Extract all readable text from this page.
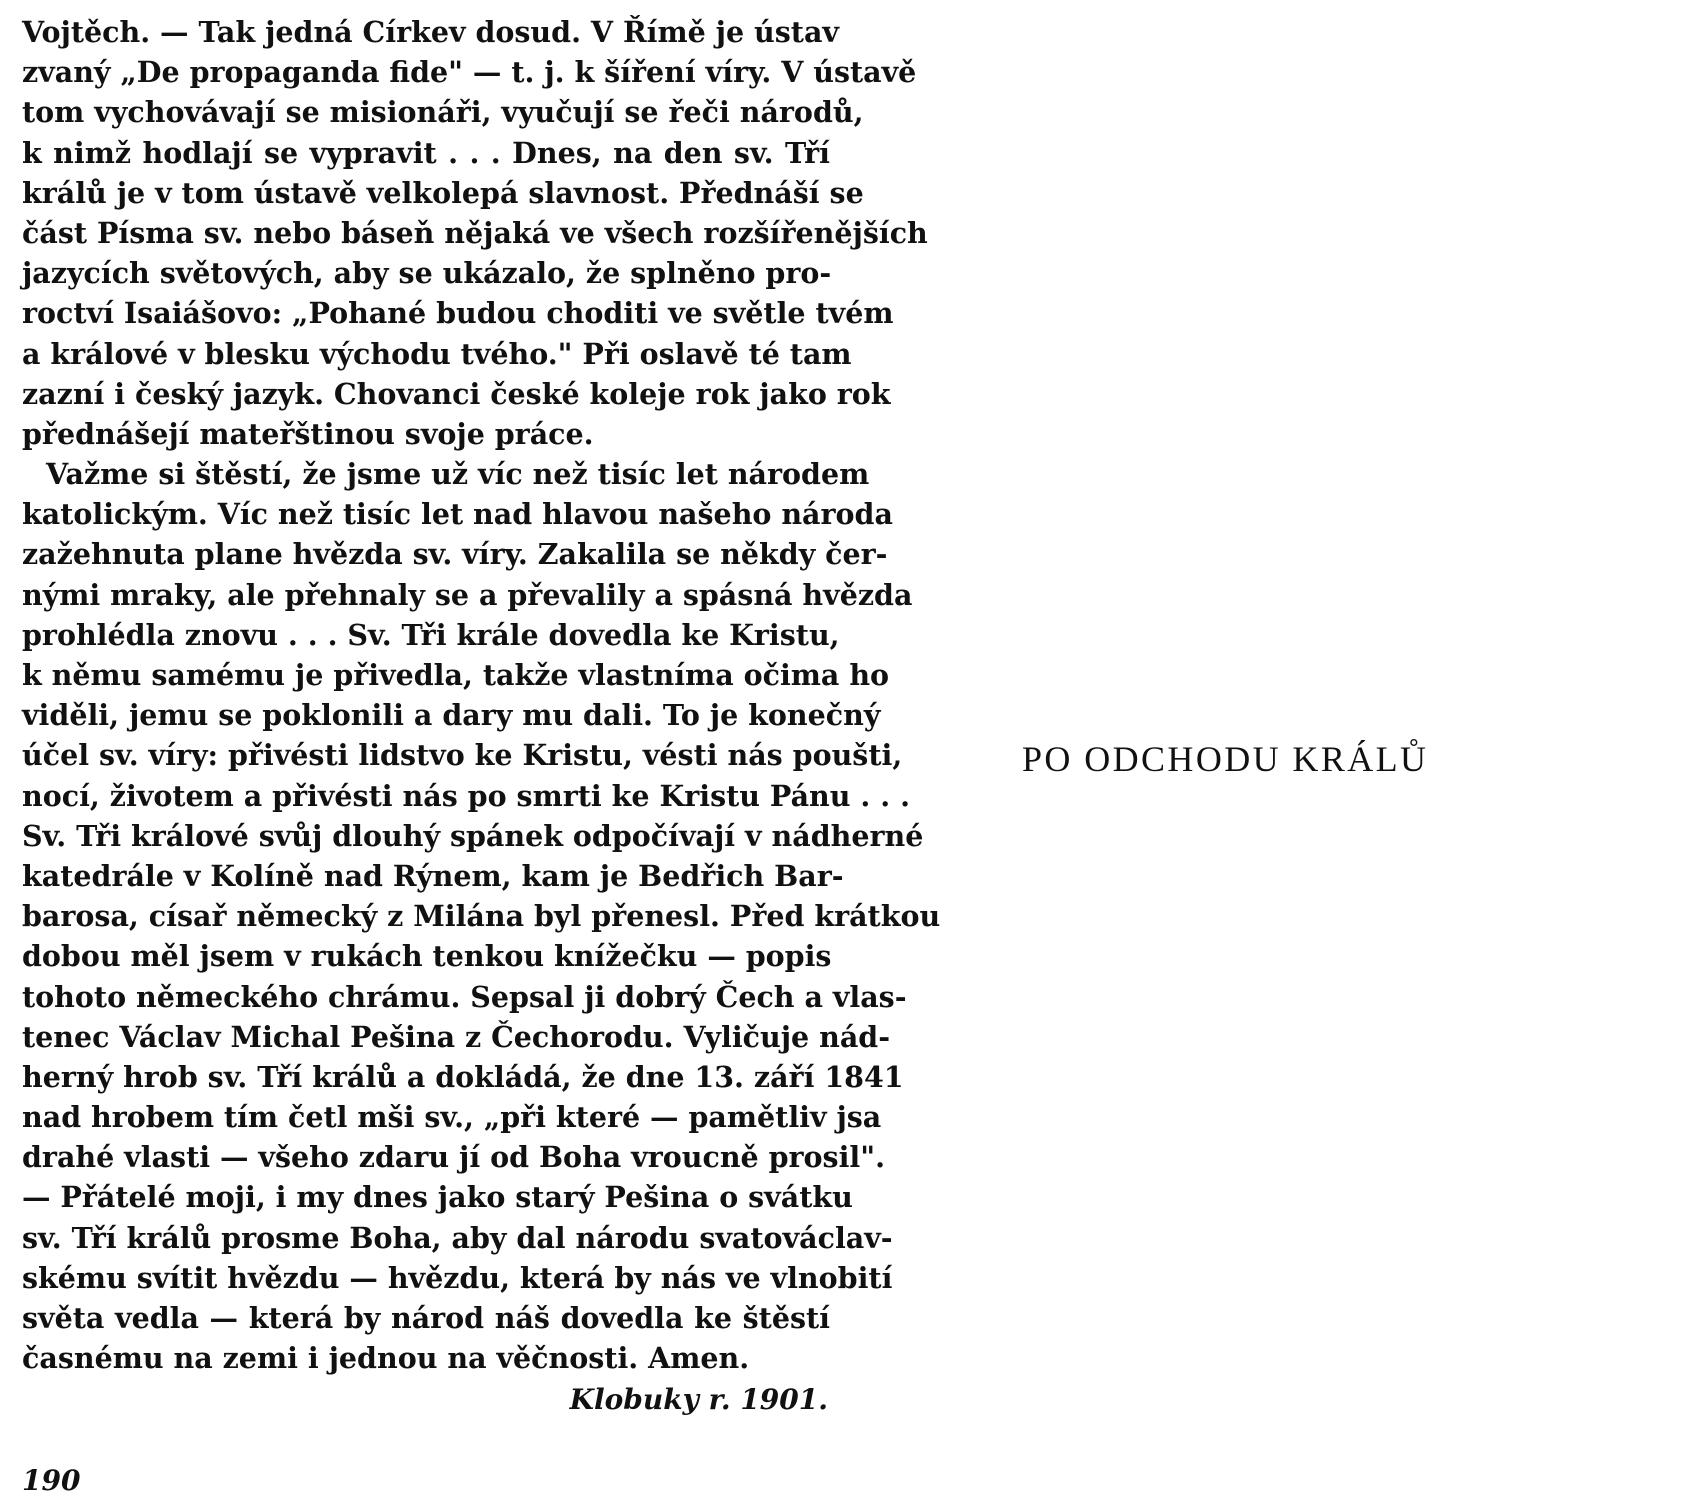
Vojtěch. — Tak jedná Církev dosud. V Římě je ústav
zvaný „De propaganda fide" — t. j. k šíření víry. V ústavě
tom vychovávají se misionáři, vyučují se řeči národů,
k nimž hodlají se vypravit . . . Dnes, na den sv. Tří
králů je v tom ústavě velkolepá slavnost. Přednáší se
část Písma sv. nebo báseň nějaká ve všech rozšířenějších
jazycích světových, aby se ukázalo, že splněno pro-
roctví Isaiášovo: „Pohané budou choditi ve světle tvém
a králové v blesku východu tvého." Při oslavě té tam
zazní i český jazyk. Chovanci české koleje rok jako rok
přednášejí mateřštinou svoje práce.
Važme si štěstí, že jsme už víc než tisíc let národem
katolickým. Víc než tisíc let nad hlavou našeho národa
zažehnuta plane hvězda sv. víry. Zakalila se někdy čer-
nými mraky, ale přehnaly se a převalily a spásná hvězda
prohlédla znovu . . . Sv. Tři krále dovedla ke Kristu,
k němu samému je přivedla, takže vlastníma očima ho
viděli, jemu se poklonili a dary mu dali. To je konečný
účel sv. víry: přivésti lidstvo ke Kristu, vésti nás poušti,
nocí, životem a přivésti nás po smrti ke Kristu Pánu . . .
Sv. Tři králové svůj dlouhý spánek odpočívají v nádherné
katedrále v Kolíně nad Rýnem, kam je Bedřich Bar-
barosa, císař německý z Milána byl přenesl. Před krátkou
dobou měl jsem v rukách tenkou knížečku — popis
tohoto německého chrámu. Sepsal ji dobrý Čech a vlas-
tenec Václav Michal Pešina z Čechorodu. Vyličuje nád-
herný hrob sv. Tří králů a dokládá, že dne 13. září 1841
nad hrobem tím četl mši sv., „při které — pamětliv jsa
drahé vlasti — všeho zdaru jí od Boha vroucně prosil".
— Přátelé moji, i my dnes jako starý Pešina o svátku
sv. Tří králů prosme Boha, aby dal národu svatováclav-
skému svítit hvězdu — hvězdu, která by nás ve vlnobití
světa vedla — která by národ náš dovedla ke štěstí
časnému na zemi i jednou na věčnosti. Amen.
Klobuky r. 1901.
190
PO ODCHODU KRÁLŮ
